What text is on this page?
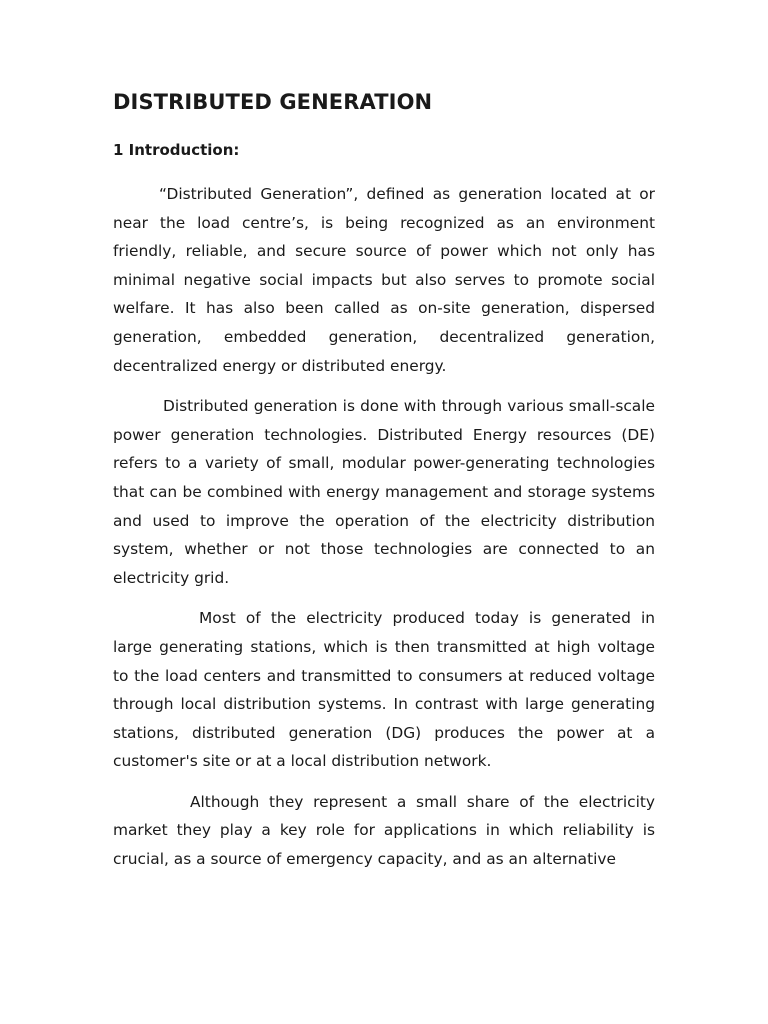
DISTRIBUTED GENERATION
1 Introduction:

“Distributed Generation”, defined as generation located at or near the load centre’s, is being recognized as an environment friendly, reliable, and secure source of power which not only has minimal negative social impacts but also serves to promote social welfare. It has also been called as on-site generation, dispersed generation, embedded generation, decentralized generation, decentralized energy or distributed energy.

Distributed generation is done with through various small-scale power generation technologies. Distributed Energy resources (DE) refers to a variety of small, modular power-generating technologies that can be combined with energy management and storage systems and used to improve the operation of the electricity distribution system, whether or not those technologies are connected to an electricity grid.

Most of the electricity produced today is generated in large generating stations, which is then transmitted at high voltage to the load centers and transmitted to consumers at reduced voltage through local distribution systems. In contrast with large generating stations, distributed generation (DG) produces the power at a customer's site or at a local distribution network.

Although they represent a small share of the electricity market they play a key role for applications in which reliability is crucial, as a source of emergency capacity, and as an alternative
